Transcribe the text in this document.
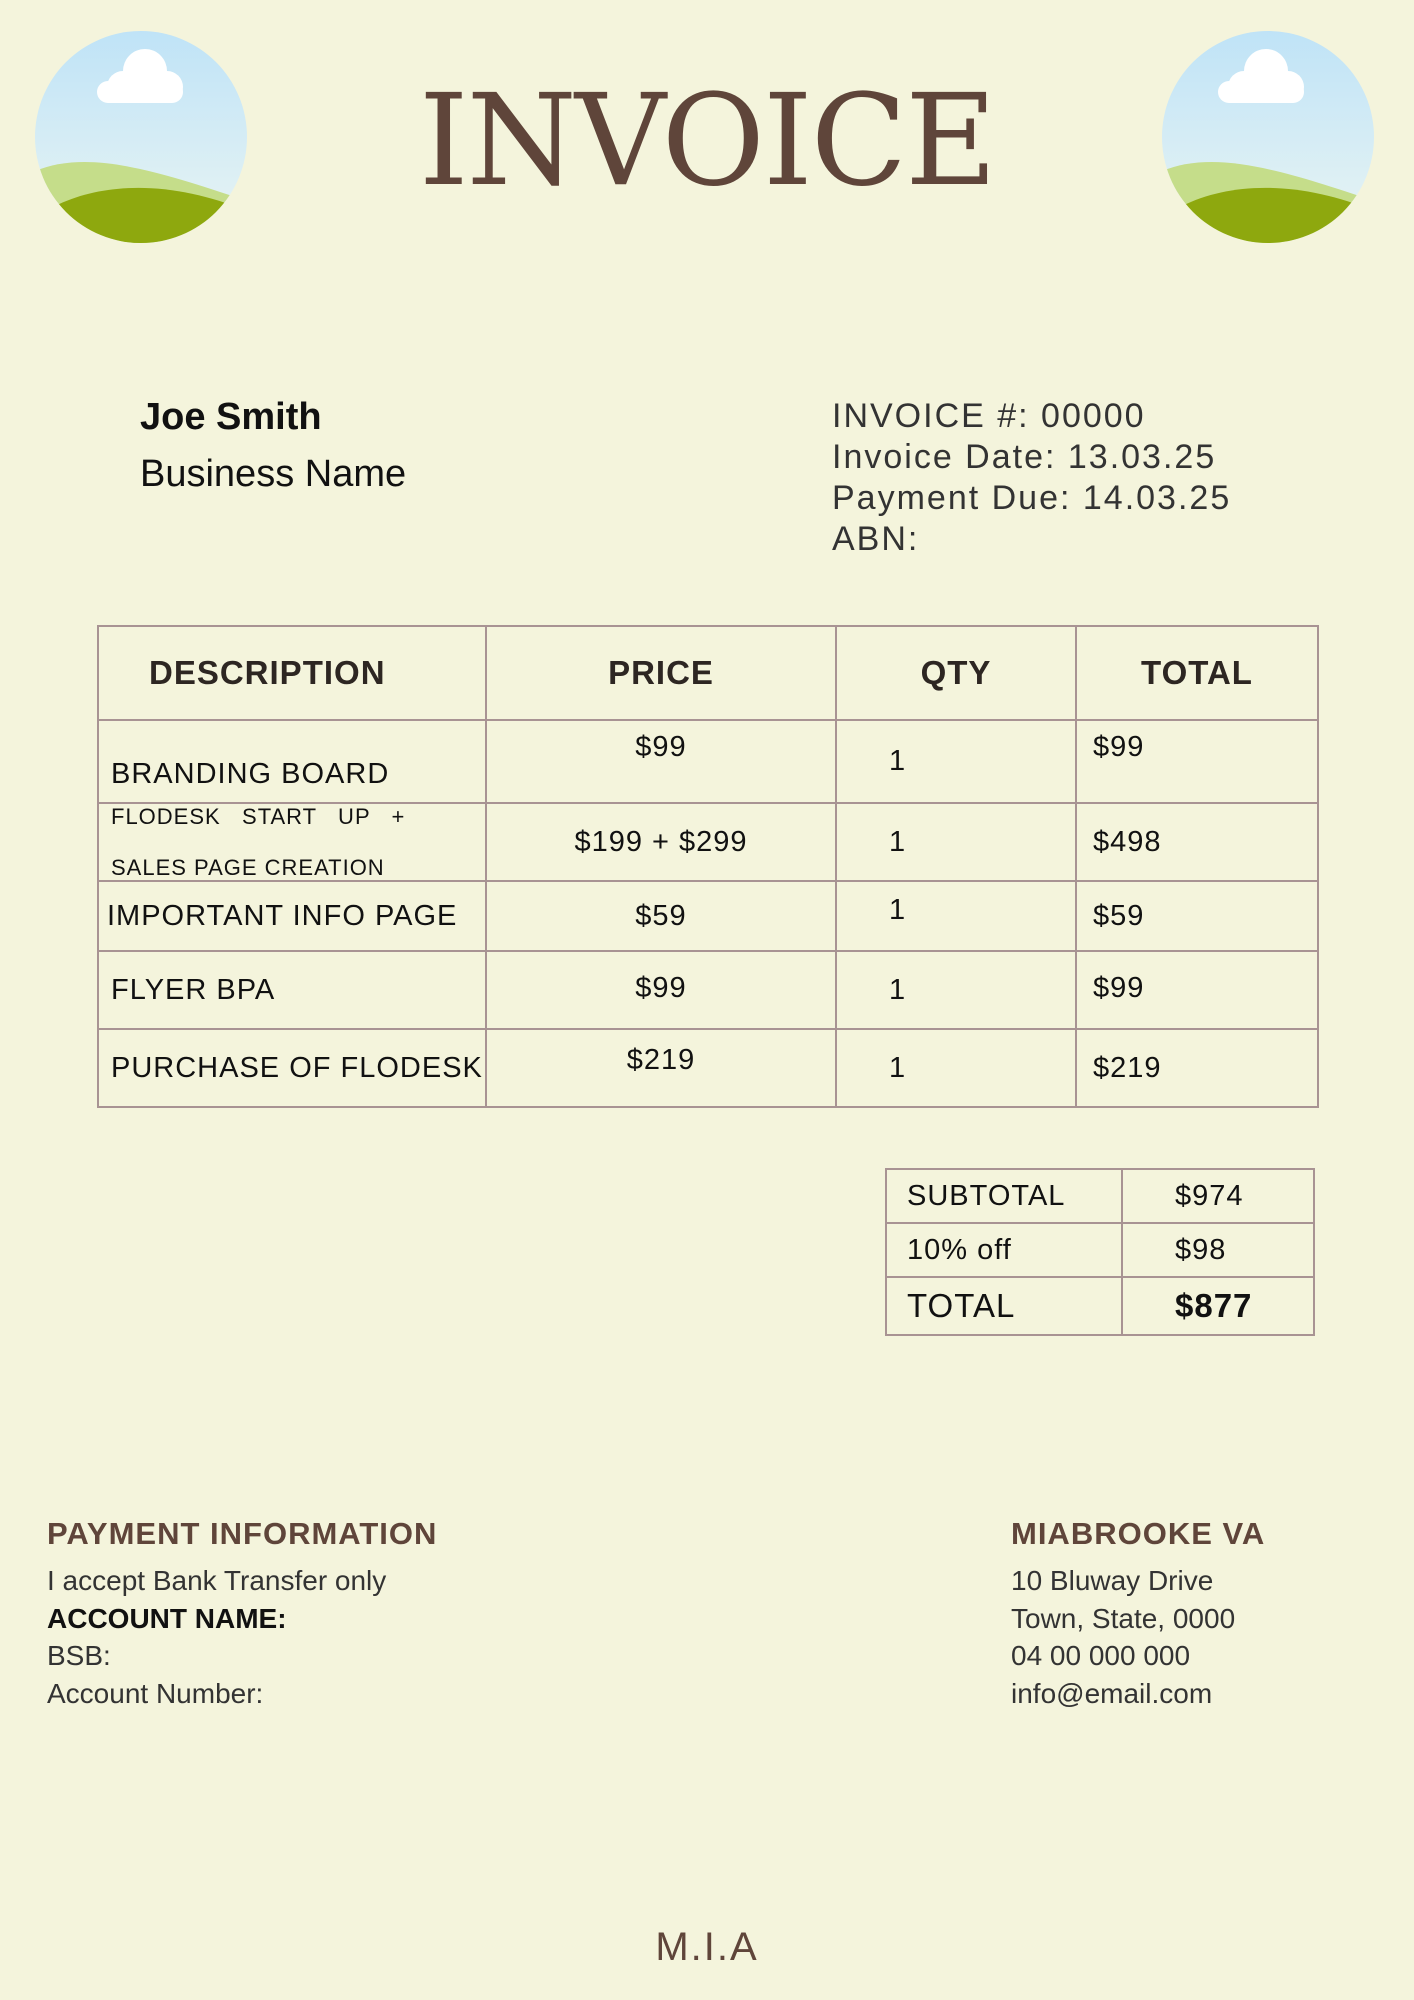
INVOICE
Joe Smith
Business Name
INVOICE #: 00000
Invoice Date: 13.03.25
Payment Due: 14.03.25
ABN:
DESCRIPTION	PRICE	QTY	TOTAL
BRANDING BOARD	$99	1	$99

FLODESK   START   UP   +
SALES PAGE CREATION	$199 + $299	1	$498
IMPORTANT INFO PAGE	$59	1	$59
FLYER BPA	$99	1	$99
PURCHASE OF FLODESK	$219	1	$219
SUBTOTAL	$974
10% off	$98
TOTAL	$877
PAYMENT INFORMATION
I accept Bank Transfer only
ACCOUNT NAME:
BSB:
Account Number:
MIABROOKE VA
10 Bluway Drive
Town, State, 0000
04 00 000 000
info@email.com
M.I.A
